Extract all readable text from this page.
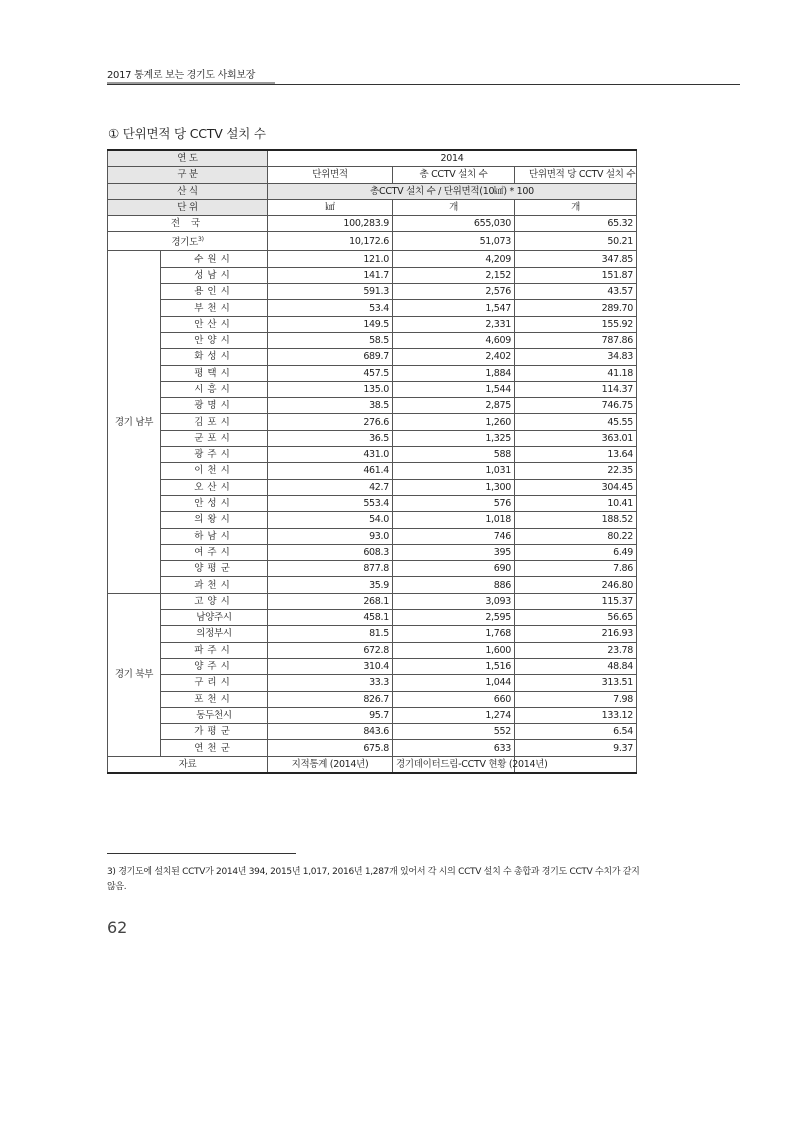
2017 통계로 보는 경기도 사회보장
① 단위면적 당 CCTV 설치 수
연 도		2014		
구 분		단위면적	총 CCTV 설치 수	단위면적 당 CCTV 설치 수
산 식		총CCTV 설치 수 / 단위면적(10㎢) * 100		
단 위		㎢	개	개
전 국		100,283.9	655,030	65.32
경기도$^{3)}$		10,172.6	51,073	50.21
경기 남부	수원시	121.0	4,209	347.85
	성남시	141.7	2,152	151.87
	용인시	591.3	2,576	43.57
	부천시	53.4	1,547	289.70
	안산시	149.5	2,331	155.92
	안양시	58.5	4,609	787.86
	화성시	689.7	2,402	34.83
	평택시	457.5	1,884	41.18
	시흥시	135.0	1,544	114.37
	광명시	38.5	2,875	746.75
	김포시	276.6	1,260	45.55
	군포시	36.5	1,325	363.01
	광주시	431.0	588	13.64
	이천시	461.4	1,031	22.35
	오산시	42.7	1,300	304.45
	안성시	553.4	576	10.41
	의왕시	54.0	1,018	188.52
	하남시	93.0	746	80.22
	여주시	608.3	395	6.49
	양평군	877.8	690	7.86
	과천시	35.9	886	246.80
경기 북부	고양시	268.1	3,093	115.37
	남양주시	458.1	2,595	56.65
	의정부시	81.5	1,768	216.93
	파주시	672.8	1,600	23.78
	양주시	310.4	1,516	48.84
	구리시	33.3	1,044	313.51
	포천시	826.7	660	7.98
	동두천시	95.7	1,274	133.12
	가평군	843.6	552	6.54
	연천군	675.8	633	9.37
자료		지적통계 (2014년)	경기데이터드림-CCTV 현황 (2014년)	
3) 경기도에 설치된 CCTV가 2014년 394, 2015년 1,017, 2016년 1,287개 있어서 각 시의 CCTV 설치 수 총합과 경기도 CCTV 수치가 같지 않음.
62
